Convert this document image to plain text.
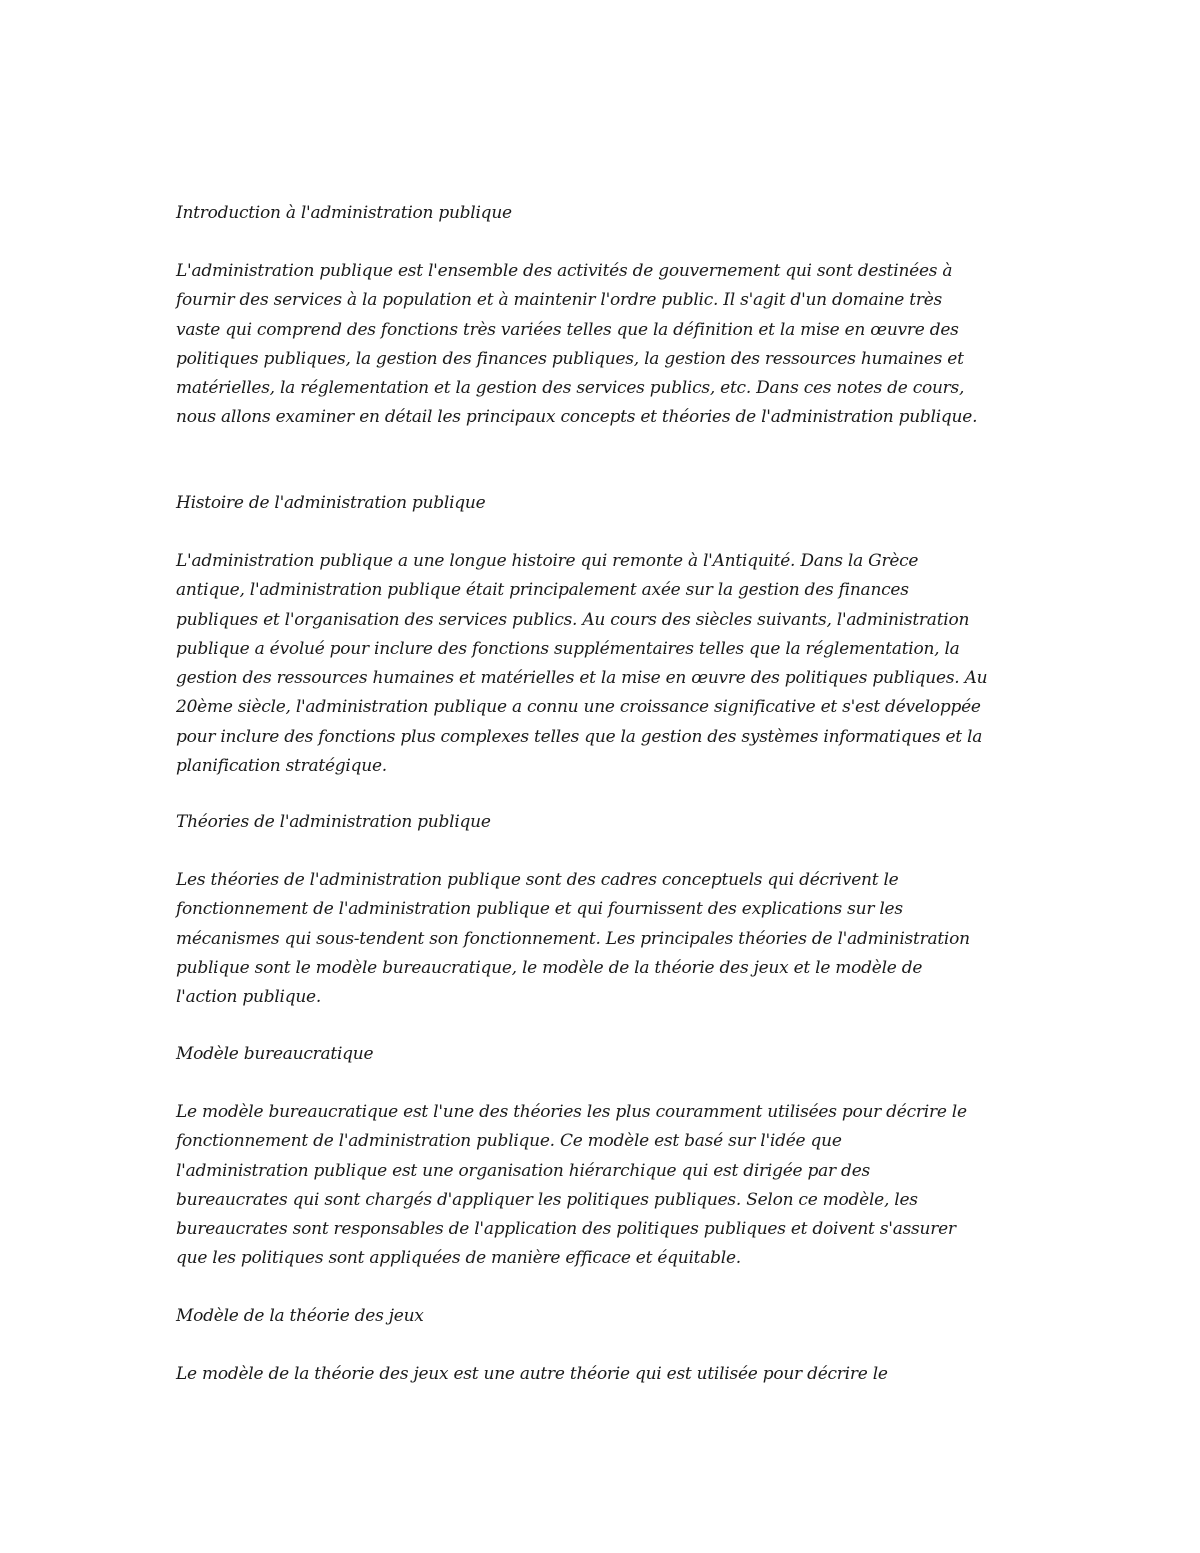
Introduction à l'administration publique

L'administration publique est l'ensemble des activités de gouvernement qui sont destinées à
fournir des services à la population et à maintenir l'ordre public. Il s'agit d'un domaine très
vaste qui comprend des fonctions très variées telles que la définition et la mise en œuvre des
politiques publiques, la gestion des finances publiques, la gestion des ressources humaines et
matérielles, la réglementation et la gestion des services publics, etc. Dans ces notes de cours,
nous allons examiner en détail les principaux concepts et théories de l'administration publique.

Histoire de l'administration publique

L'administration publique a une longue histoire qui remonte à l'Antiquité. Dans la Grèce
antique, l'administration publique était principalement axée sur la gestion des finances
publiques et l'organisation des services publics. Au cours des siècles suivants, l'administration
publique a évolué pour inclure des fonctions supplémentaires telles que la réglementation, la
gestion des ressources humaines et matérielles et la mise en œuvre des politiques publiques. Au
20ème siècle, l'administration publique a connu une croissance significative et s'est développée
pour inclure des fonctions plus complexes telles que la gestion des systèmes informatiques et la
planification stratégique.

Théories de l'administration publique

Les théories de l'administration publique sont des cadres conceptuels qui décrivent le
fonctionnement de l'administration publique et qui fournissent des explications sur les
mécanismes qui sous-tendent son fonctionnement. Les principales théories de l'administration
publique sont le modèle bureaucratique, le modèle de la théorie des jeux et le modèle de
l'action publique.

Modèle bureaucratique

Le modèle bureaucratique est l'une des théories les plus couramment utilisées pour décrire le
fonctionnement de l'administration publique. Ce modèle est basé sur l'idée que
l'administration publique est une organisation hiérarchique qui est dirigée par des
bureaucrates qui sont chargés d'appliquer les politiques publiques. Selon ce modèle, les
bureaucrates sont responsables de l'application des politiques publiques et doivent s'assurer
que les politiques sont appliquées de manière efficace et équitable.

Modèle de la théorie des jeux

Le modèle de la théorie des jeux est une autre théorie qui est utilisée pour décrire le
